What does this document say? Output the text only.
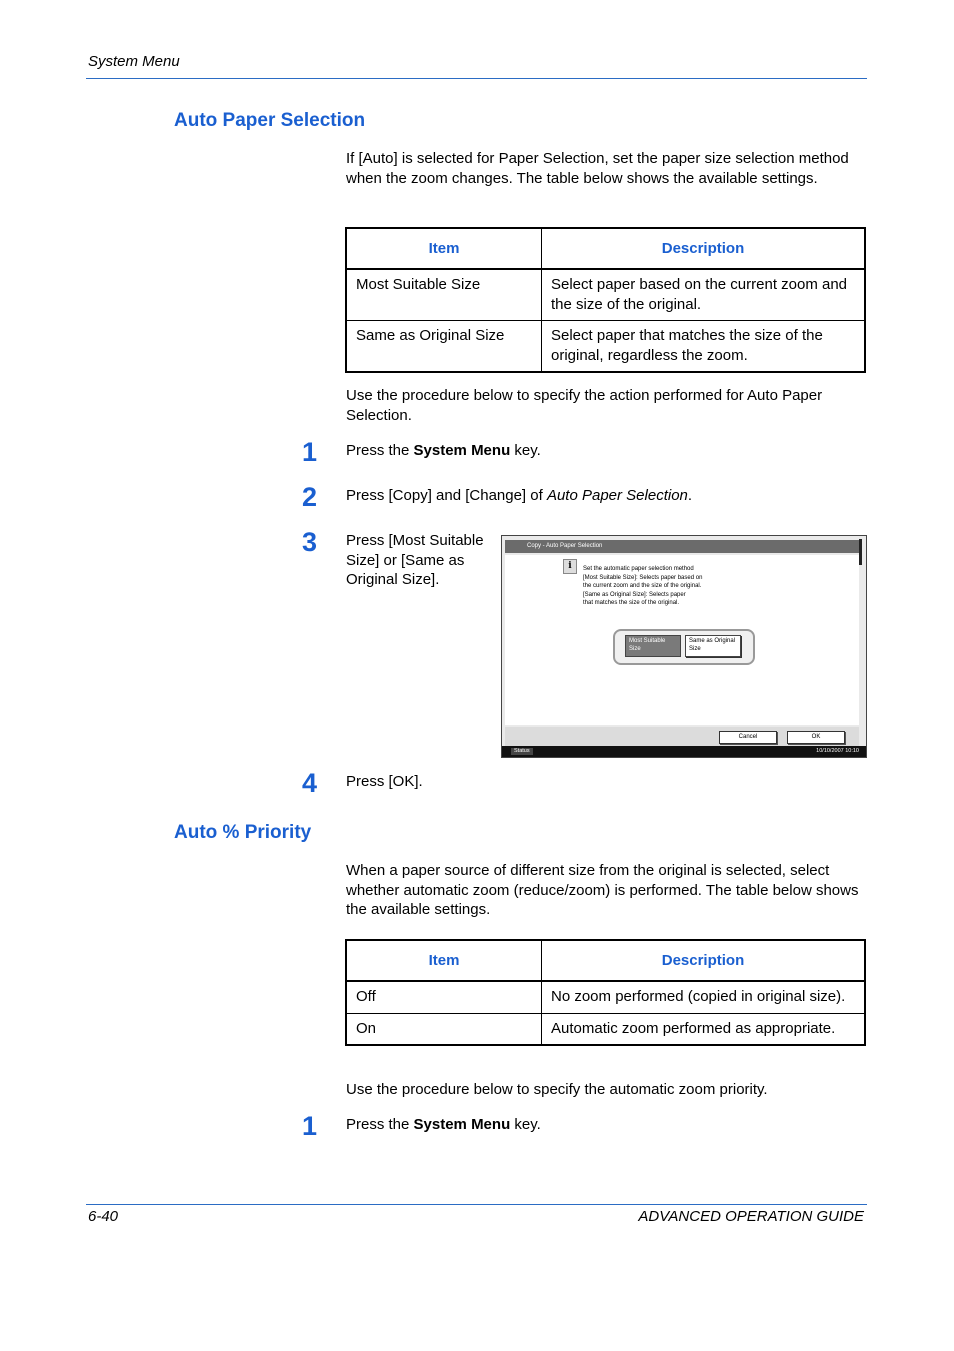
System Menu
Auto Paper Selection
If [Auto] is selected for Paper Selection, set the paper size selection method when the zoom changes. The table below shows the available settings.
Item	Description
Most Suitable Size	Select paper based on the current zoom and the size of the original.
Same as Original Size	Select paper that matches the size of the original, regardless the zoom.
Use the procedure below to specify the action performed for Auto Paper Selection.
1 Press the System Menu key.
2 Press [Copy] and [Change] of Auto Paper Selection.
3 Press [Most Suitable Size] or [Same as Original Size].
Copy - Auto Paper Selection
i	Set the automatic paper selection method
[Most Suitable Size]: Selects paper based on
the current zoom and the size of the original.
[Same as Original Size]: Selects paper
that matches the size of the original.
Most Suitable Size
Same as Original Size
Cancel	OK
Status	10/10/2007 10:10
4 Press [OK].
Auto % Priority
When a paper source of different size from the original is selected, select whether automatic zoom (reduce/zoom) is performed. The table below shows the available settings.
Item	Description
Off	No zoom performed (copied in original size).
On	Automatic zoom performed as appropriate.
Use the procedure below to specify the automatic zoom priority.
1 Press the System Menu key.
6-40	ADVANCED OPERATION GUIDE
